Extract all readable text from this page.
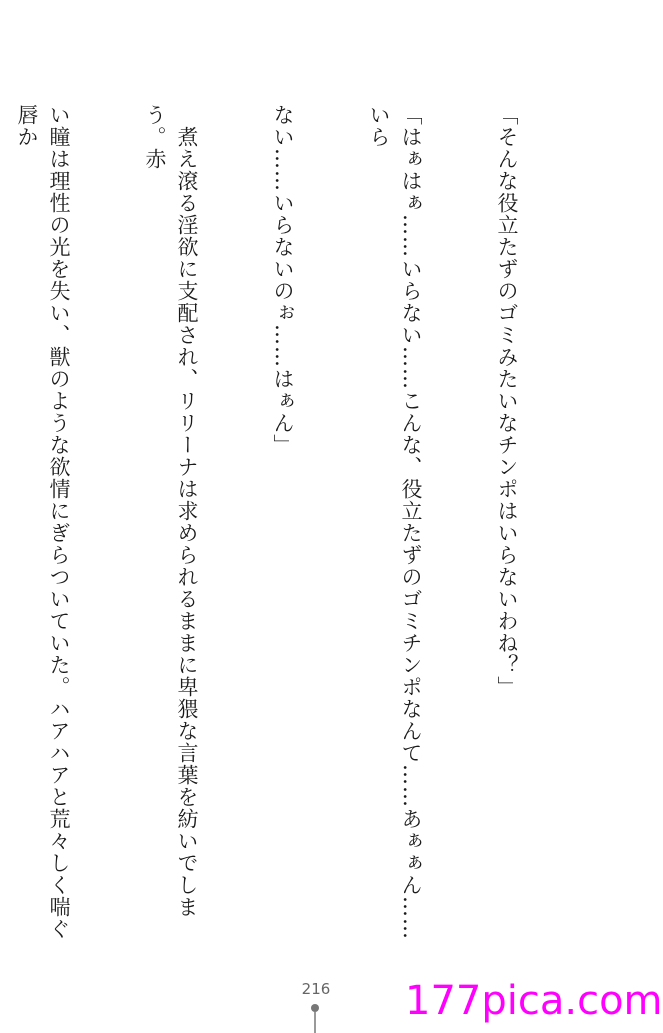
「そんな役立たずのゴミみたいなチンポはいらないわね？」

「はぁはぁ……いらない……こんな、役立たずのゴミチンポなんて……あぁぁん……いら

ない……いらないのぉ……はぁん」

　煮え滾る淫欲に支配され、リリーナは求められるままに卑猥な言葉を紡いでしまう。赤

い瞳は理性の光を失い、獣のような欲情にぎらついていた。ハアハアと荒々しく喘ぐ唇か

216 177pica.com
